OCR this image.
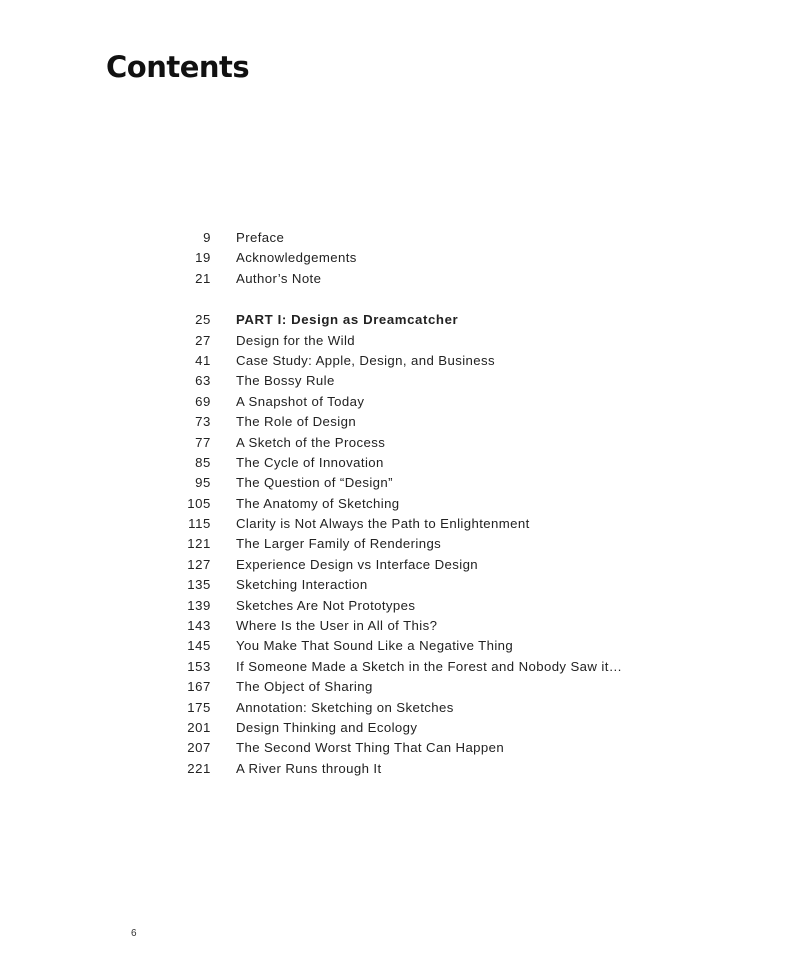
Contents
9 Preface
19 Acknowledgements
21 Author’s Note
25 PART I: Design as Dreamcatcher
27 Design for the Wild
41 Case Study: Apple, Design, and Business
63 The Bossy Rule
69 A Snapshot of Today
73 The Role of Design
77 A Sketch of the Process
85 The Cycle of Innovation
95 The Question of “Design”
105 The Anatomy of Sketching
115 Clarity is Not Always the Path to Enlightenment
121 The Larger Family of Renderings
127 Experience Design vs Interface Design
135 Sketching Interaction
139 Sketches Are Not Prototypes
143 Where Is the User in All of This?
145 You Make That Sound Like a Negative Thing
153 If Someone Made a Sketch in the Forest and Nobody Saw it…
167 The Object of Sharing
175 Annotation: Sketching on Sketches
201 Design Thinking and Ecology
207 The Second Worst Thing That Can Happen
221 A River Runs through It
6
